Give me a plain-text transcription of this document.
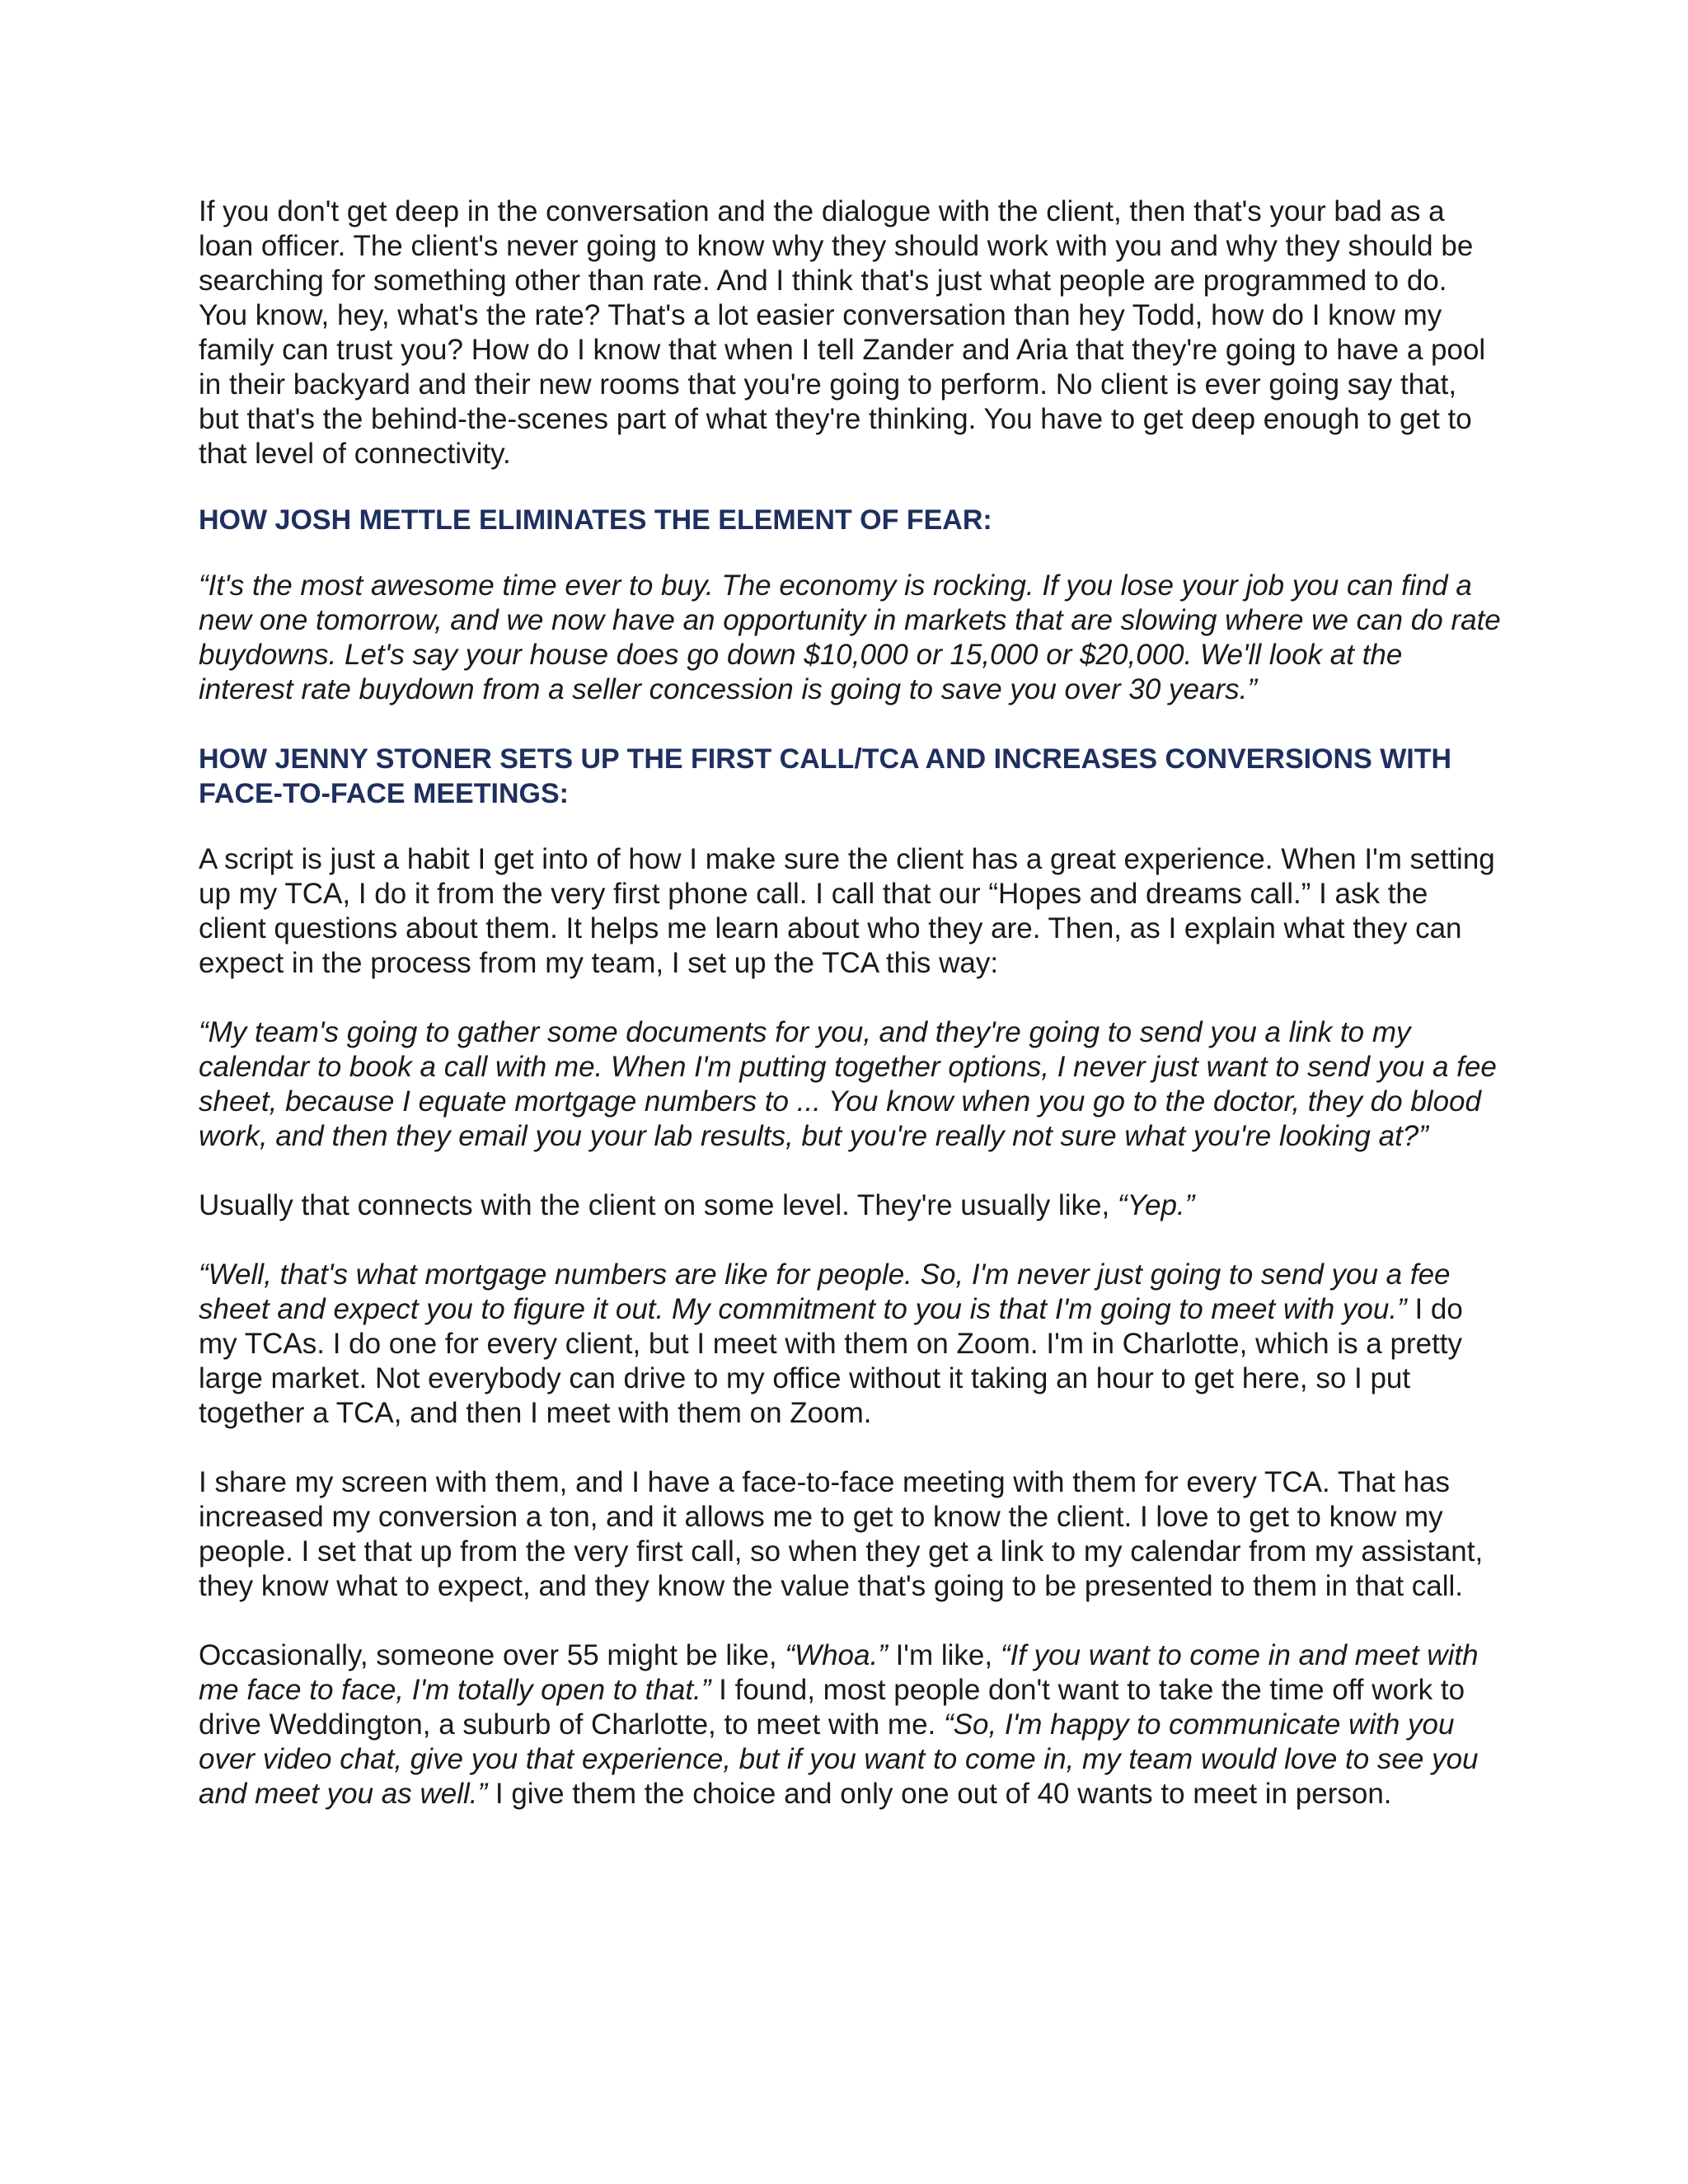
If you don't get deep in the conversation and the dialogue with the client, then that's your bad as a loan officer. The client's never going to know why they should work with you and why they should be searching for something other than rate. And I think that's just what people are programmed to do. You know, hey, what's the rate? That's a lot easier conversation than hey Todd, how do I know my family can trust you? How do I know that when I tell Zander and Aria that they're going to have a pool in their backyard and their new rooms that you're going to perform. No client is ever going say that, but that's the behind-the-scenes part of what they're thinking. You have to get deep enough to get to that level of connectivity.

HOW JOSH METTLE ELIMINATES THE ELEMENT OF FEAR:

“It's the most awesome time ever to buy. The economy is rocking. If you lose your job you can find a new one tomorrow, and we now have an opportunity in markets that are slowing where we can do rate buydowns. Let's say your house does go down $10,000 or 15,000 or $20,000. We'll look at the interest rate buydown from a seller concession is going to save you over 30 years.”

HOW JENNY STONER SETS UP THE FIRST CALL/TCA AND INCREASES CONVERSIONS WITH FACE-TO-FACE MEETINGS:

A script is just a habit I get into of how I make sure the client has a great experience. When I'm setting up my TCA, I do it from the very first phone call. I call that our “Hopes and dreams call.” I ask the client questions about them. It helps me learn about who they are. Then, as I explain what they can expect in the process from my team, I set up the TCA this way:

“My team's going to gather some documents for you, and they're going to send you a link to my calendar to book a call with me. When I'm putting together options, I never just want to send you a fee sheet, because I equate mortgage numbers to ... You know when you go to the doctor, they do blood work, and then they email you your lab results, but you're really not sure what you're looking at?”

Usually that connects with the client on some level. They're usually like, “Yep.”

“Well, that's what mortgage numbers are like for people. So, I'm never just going to send you a fee sheet and expect you to figure it out. My commitment to you is that I'm going to meet with you.” I do my TCAs. I do one for every client, but I meet with them on Zoom. I'm in Charlotte, which is a pretty large market. Not everybody can drive to my office without it taking an hour to get here, so I put together a TCA, and then I meet with them on Zoom.

I share my screen with them, and I have a face-to-face meeting with them for every TCA. That has increased my conversion a ton, and it allows me to get to know the client. I love to get to know my people. I set that up from the very first call, so when they get a link to my calendar from my assistant, they know what to expect, and they know the value that's going to be presented to them in that call.

Occasionally, someone over 55 might be like, “Whoa.” I'm like, “If you want to come in and meet with me face to face, I'm totally open to that.” I found, most people don't want to take the time off work to drive Weddington, a suburb of Charlotte, to meet with me. “So, I'm happy to communicate with you over video chat, give you that experience, but if you want to come in, my team would love to see you and meet you as well.” I give them the choice and only one out of 40 wants to meet in person.
